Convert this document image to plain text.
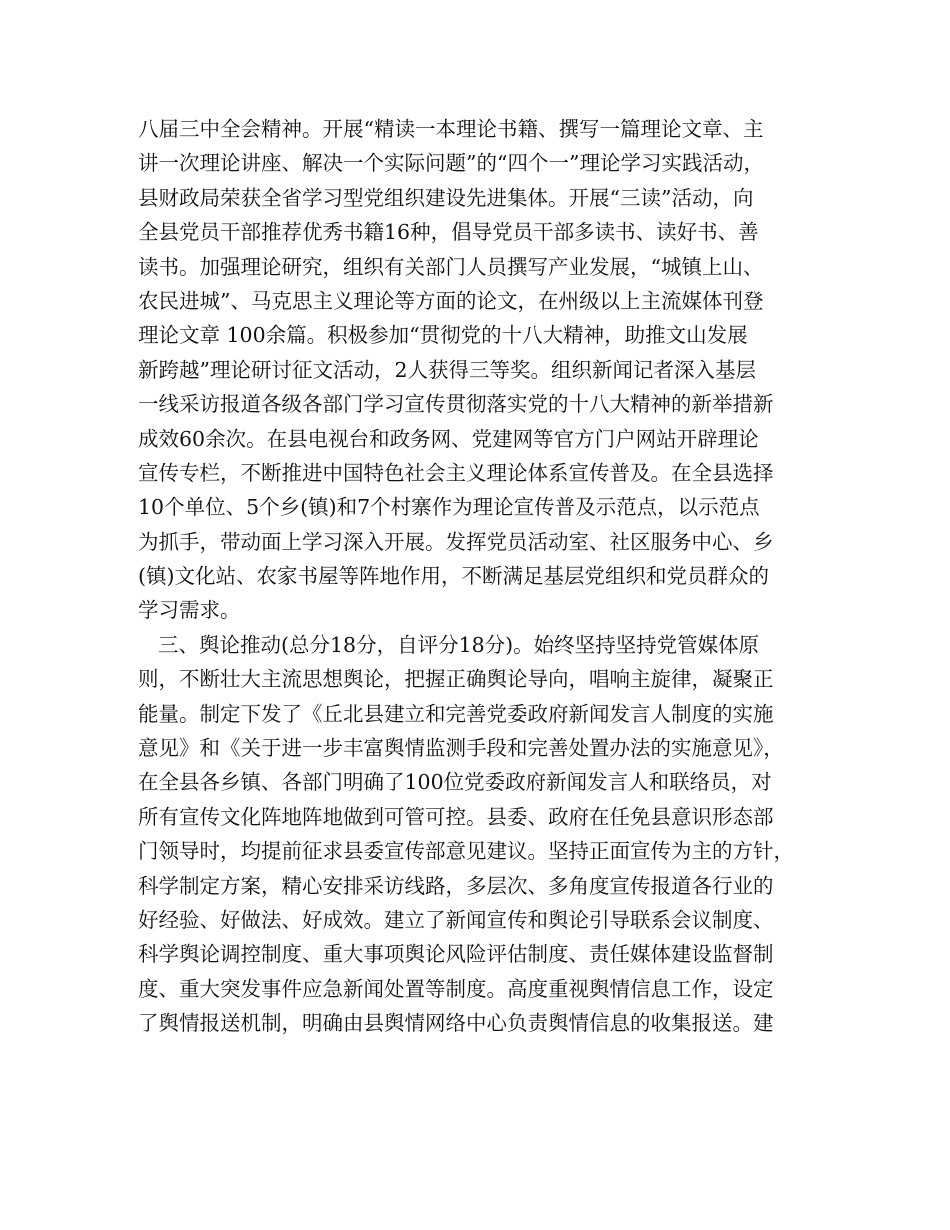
八届三中全会精神。开展“精读一本理论书籍、撰写一篇理论文章、主
讲一次理论讲座、解决一个实际问题”的“四个一”理论学习实践活动，
县财政局荣获全省学习型党组织建设先进集体。开展“三读”活动，向
全县党员干部推荐优秀书籍16种，倡导党员干部多读书、读好书、善
读书。加强理论研究，组织有关部门人员撰写产业发展，“城镇上山、
农民进城”、马克思主义理论等方面的论文，在州级以上主流媒体刊登
理论文章 100余篇。积极参加“贯彻党的十八大精神，助推文山发展
新跨越”理论研讨征文活动，2人获得三等奖。组织新闻记者深入基层
一线采访报道各级各部门学习宣传贯彻落实党的十八大精神的新举措新
成效60余次。在县电视台和政务网、党建网等官方门户网站开辟理论
宣传专栏，不断推进中国特色社会主义理论体系宣传普及。在全县选择
10个单位、5个乡(镇)和7个村寨作为理论宣传普及示范点，以示范点
为抓手，带动面上学习深入开展。发挥党员活动室、社区服务中心、乡
(镇)文化站、农家书屋等阵地作用，不断满足基层党组织和党员群众的
学习需求。
三、舆论推动(总分18分，自评分18分)。始终坚持坚持党管媒体原
则，不断壮大主流思想舆论，把握正确舆论导向，唱响主旋律，凝聚正
能量。制定下发了《丘北县建立和完善党委政府新闻发言人制度的实施
意见》和《关于进一步丰富舆情监测手段和完善处置办法的实施意见》，
在全县各乡镇、各部门明确了100位党委政府新闻发言人和联络员，对
所有宣传文化阵地阵地做到可管可控。县委、政府在任免县意识形态部
门领导时，均提前征求县委宣传部意见建议。坚持正面宣传为主的方针，
科学制定方案，精心安排采访线路，多层次、多角度宣传报道各行业的
好经验、好做法、好成效。建立了新闻宣传和舆论引导联系会议制度、
科学舆论调控制度、重大事项舆论风险评估制度、责任媒体建设监督制
度、重大突发事件应急新闻处置等制度。高度重视舆情信息工作，设定
了舆情报送机制，明确由县舆情网络中心负责舆情信息的收集报送。建
